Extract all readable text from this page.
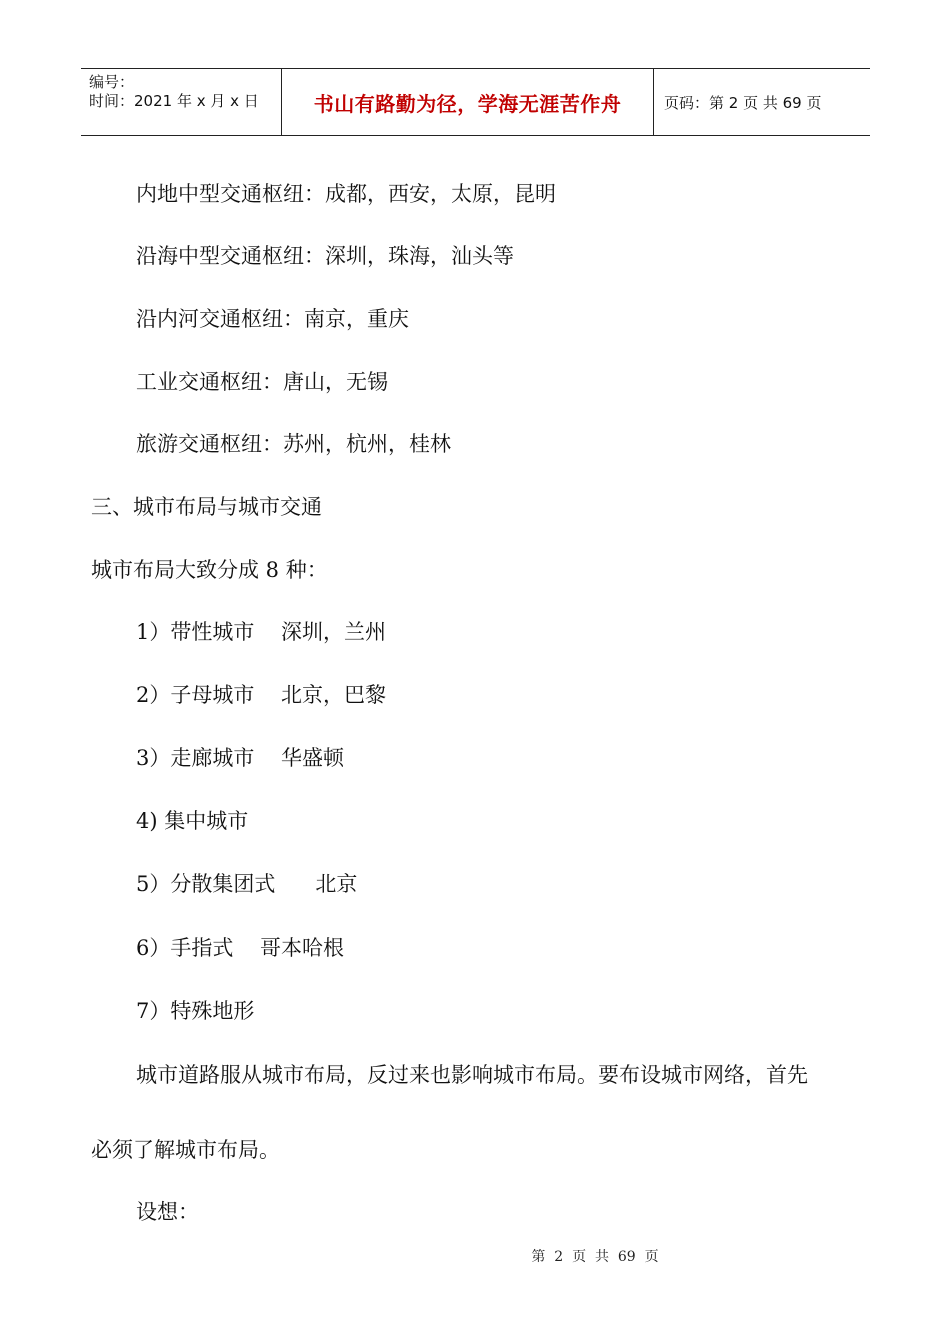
编号：
时间：2021 年 x 月 x 日	书山有路勤为径，学海无涯苦作舟	页码：第 2 页 共 69 页
内地中型交通枢纽：成都，西安，太原，昆明
沿海中型交通枢纽：深圳，珠海，汕头等
沿内河交通枢纽：南京，重庆
工业交通枢纽：唐山，无锡
旅游交通枢纽：苏州，杭州，桂林
三、城市布局与城市交通
城市布局大致分成 8 种：
1）带性城市    深圳，兰州
2）子母城市    北京，巴黎
3）走廊城市    华盛顿
4) 集中城市
5）分散集团式      北京
6）手指式    哥本哈根
7）特殊地形
城市道路服从城市布局，反过来也影响城市布局。要布设城市网络，首先
必须了解城市布局。
设想：
第  2  页  共  69  页
